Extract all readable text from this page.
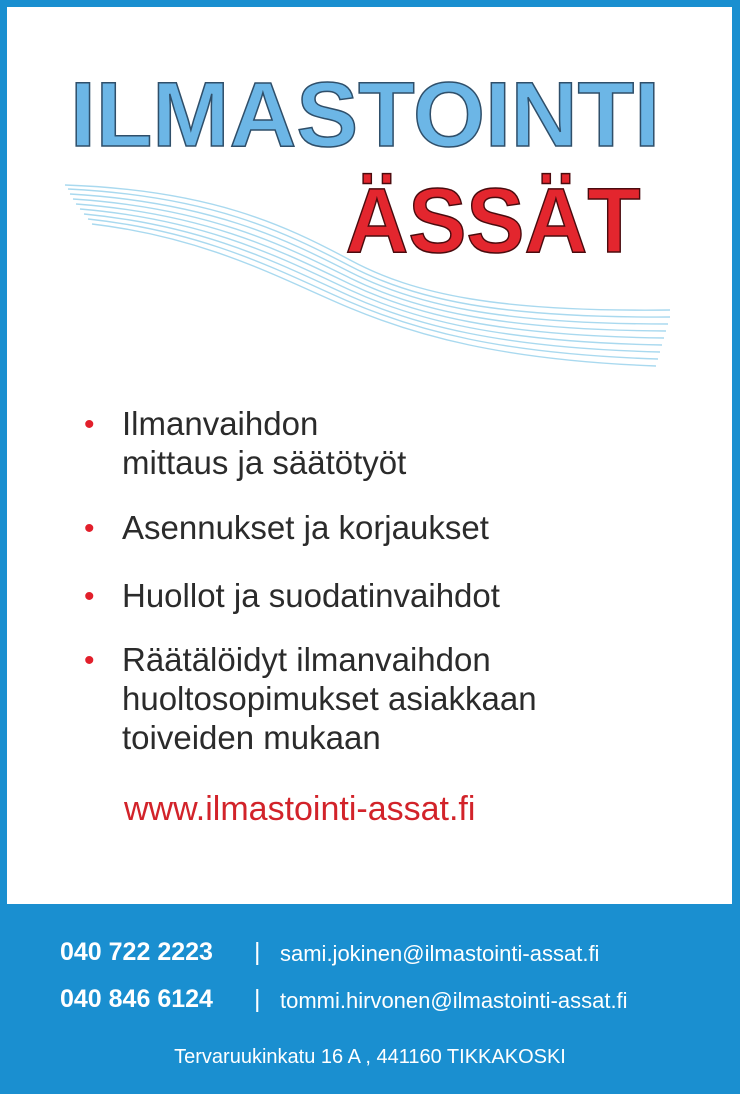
ILMASTOINTI
ÄSSÄT
• Ilmanvaihdon
mittaus ja säätötyöt
• Asennukset ja korjaukset
• Huollot ja suodatinvaihdot
• Räätälöidyt ilmanvaihdon
huoltosopimukset asiakkaan
toiveiden mukaan
www.ilmastointi-assat.fi
040 722 2223 | sami.jokinen@ilmastointi-assat.fi
040 846 6124 | tommi.hirvonen@ilmastointi-assat.fi
Tervaruukinkatu 16 A , 441160 TIKKAKOSKI
